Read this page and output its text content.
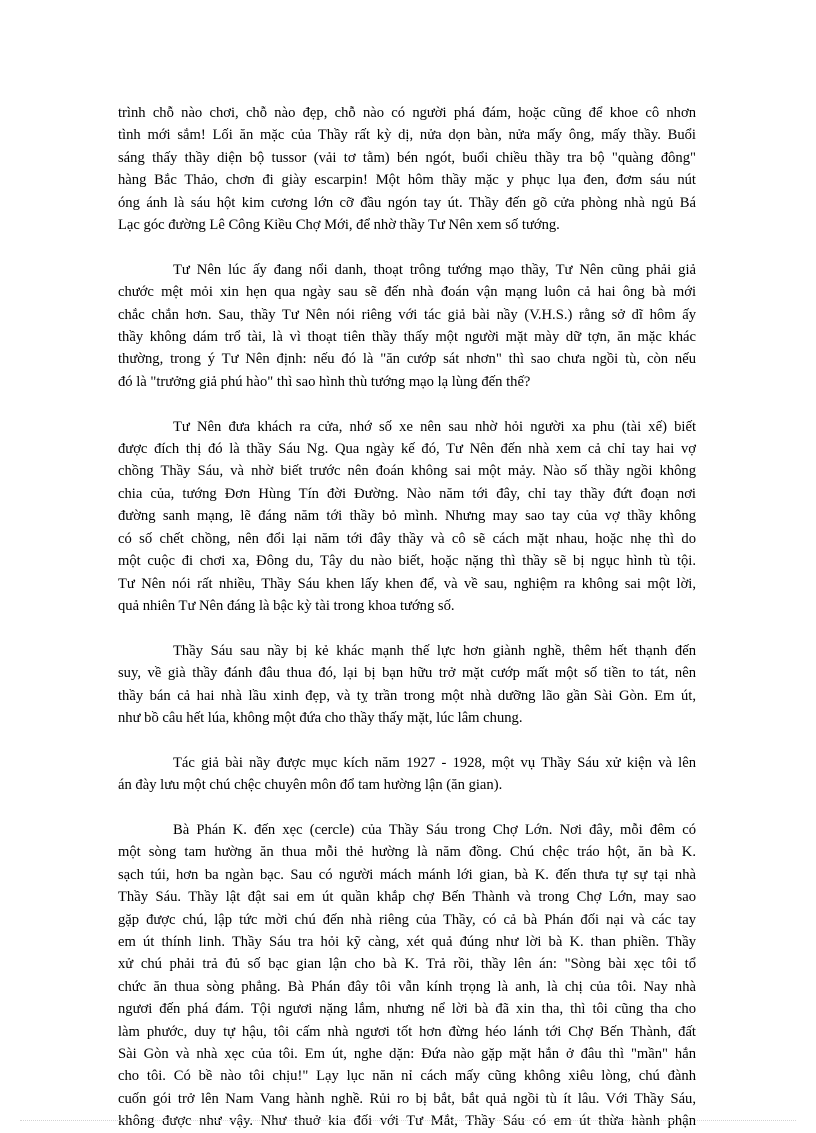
trình chỗ nào chơi, chỗ nào đẹp, chỗ nào có người phá đám, hoặc cũng để khoe cô nhơn
tình mới sắm! Lối ăn mặc của Thầy rất kỳ dị, nửa dọn bàn, nửa mấy ông, mấy thầy. Buổi
sáng thấy thầy diện bộ tussor (vải tơ tằm) bén ngót, buổi chiều thầy tra bộ "quàng đông"
hàng Bắc Thảo, chơn đi giày escarpin! Một hôm thầy mặc y phục lụa đen, đơm sáu nút
óng ánh là sáu hột kim cương lớn cỡ đầu ngón tay út. Thầy đến gõ cửa phòng nhà ngủ Bá
Lạc góc đường Lê Công Kiều Chợ Mới, để nhờ thầy Tư Nên xem số tướng.
Tư Nên lúc ấy đang nổi danh, thoạt trông tướng mạo thầy, Tư Nên cũng phải giả
chước mệt mỏi xin hẹn qua ngày sau sẽ đến nhà đoán vận mạng luôn cả hai ông bà mới
chắc chắn hơn. Sau, thầy Tư Nên nói riêng với tác giả bài nầy (V.H.S.) rằng sở dĩ hôm ấy
thầy không dám trổ tài, là vì thoạt tiên thầy thấy một người mặt mày dữ tợn, ăn mặc khác
thường, trong ý Tư Nên định: nếu đó là "ăn cướp sát nhơn" thì sao chưa ngồi tù, còn nếu
đó là "trưởng giả phú hào" thì sao hình thù tướng mạo lạ lùng đến thế?
Tư Nên đưa khách ra cửa, nhớ số xe nên sau nhờ hỏi người xa phu (tài xế) biết
được đích thị đó là thầy Sáu Ng. Qua ngày kế đó, Tư Nên đến nhà xem cả chỉ tay hai vợ
chồng Thầy Sáu, và nhờ biết trước nên đoán không sai một mảy. Nào số thầy ngồi không
chia của, tướng Đơn Hùng Tín đời Đường. Nào năm tới đây, chỉ tay thầy đứt đoạn nơi
đường sanh mạng, lẽ đáng năm tới thầy bỏ mình. Nhưng may sao tay của vợ thầy không
có số chết chồng, nên đổi lại năm tới đây thầy và cô sẽ cách mặt nhau, hoặc nhẹ thì do
một cuộc đi chơi xa, Đông du, Tây du nào biết, hoặc nặng thì thầy sẽ bị ngục hình tù tội.
Tư Nên nói rất nhiều, Thầy Sáu khen lấy khen để, và về sau, nghiệm ra không sai một lời,
quả nhiên Tư Nên đáng là bậc kỳ tài trong khoa tướng số.
Thầy Sáu sau nầy bị kẻ khác mạnh thế lực hơn giành nghề, thêm hết thạnh đến
suy, về già thầy đánh đâu thua đó, lại bị bạn hữu trở mặt cướp mất một số tiền to tát, nên
thầy bán cả hai nhà lầu xinh đẹp, và tỵ trần trong một nhà dưỡng lão gần Sài Gòn. Em út,
như bồ câu hết lúa, không một đứa cho thầy thấy mặt, lúc lâm chung.
Tác giả bài nầy được mục kích năm 1927 - 1928, một vụ Thầy Sáu xử kiện và lên
án đày lưu một chú chệc chuyên môn đổ tam hường lận (ăn gian).
Bà Phán K. đến xẹc (cercle) của Thầy Sáu trong Chợ Lớn. Nơi đây, mỗi đêm có
một sòng tam hường ăn thua mỗi thẻ hường là năm đồng. Chú chệc tráo hột, ăn bà K.
sạch túi, hơn ba ngàn bạc. Sau có người mách mánh lới gian, bà K. đến thưa tự sự tại nhà
Thầy Sáu. Thầy lật đật sai em út quần khắp chợ Bến Thành và trong Chợ Lớn, may sao
gặp được chú, lập tức mời chú đến nhà riêng của Thầy, có cả bà Phán đối nại và các tay
em út thính linh. Thầy Sáu tra hỏi kỹ càng, xét quả đúng như lời bà K. than phiền. Thầy
xử chú phải trả đủ số bạc gian lận cho bà K. Trả rồi, thầy lên án: "Sòng bài xẹc tôi tổ
chức ăn thua sòng phẳng. Bà Phán đây tôi vẫn kính trọng là anh, là chị của tôi. Nay nhà
ngươi đến phá đám. Tội ngươi nặng lắm, nhưng nể lời bà đã xin tha, thì tôi cũng tha cho
làm phước, duy tự hậu, tôi cấm nhà ngươi tốt hơn đừng héo lánh tới Chợ Bến Thành, đất
Sài Gòn và nhà xẹc của tôi. Em út, nghe dặn: Đứa nào gặp mặt hắn ở đâu thì "mần" hắn
cho tôi. Có bề nào tôi chịu!" Lạy lục năn nỉ cách mấy cũng không xiêu lòng, chú đành
cuốn gói trở lên Nam Vang hành nghề. Rủi ro bị bắt, bắt quả ngồi tù ít lâu. Với Thầy Sáu,
không được như vậy. Như thuở kia đối với Tư Mắt, Thầy Sáu có em út thừa hành phận
